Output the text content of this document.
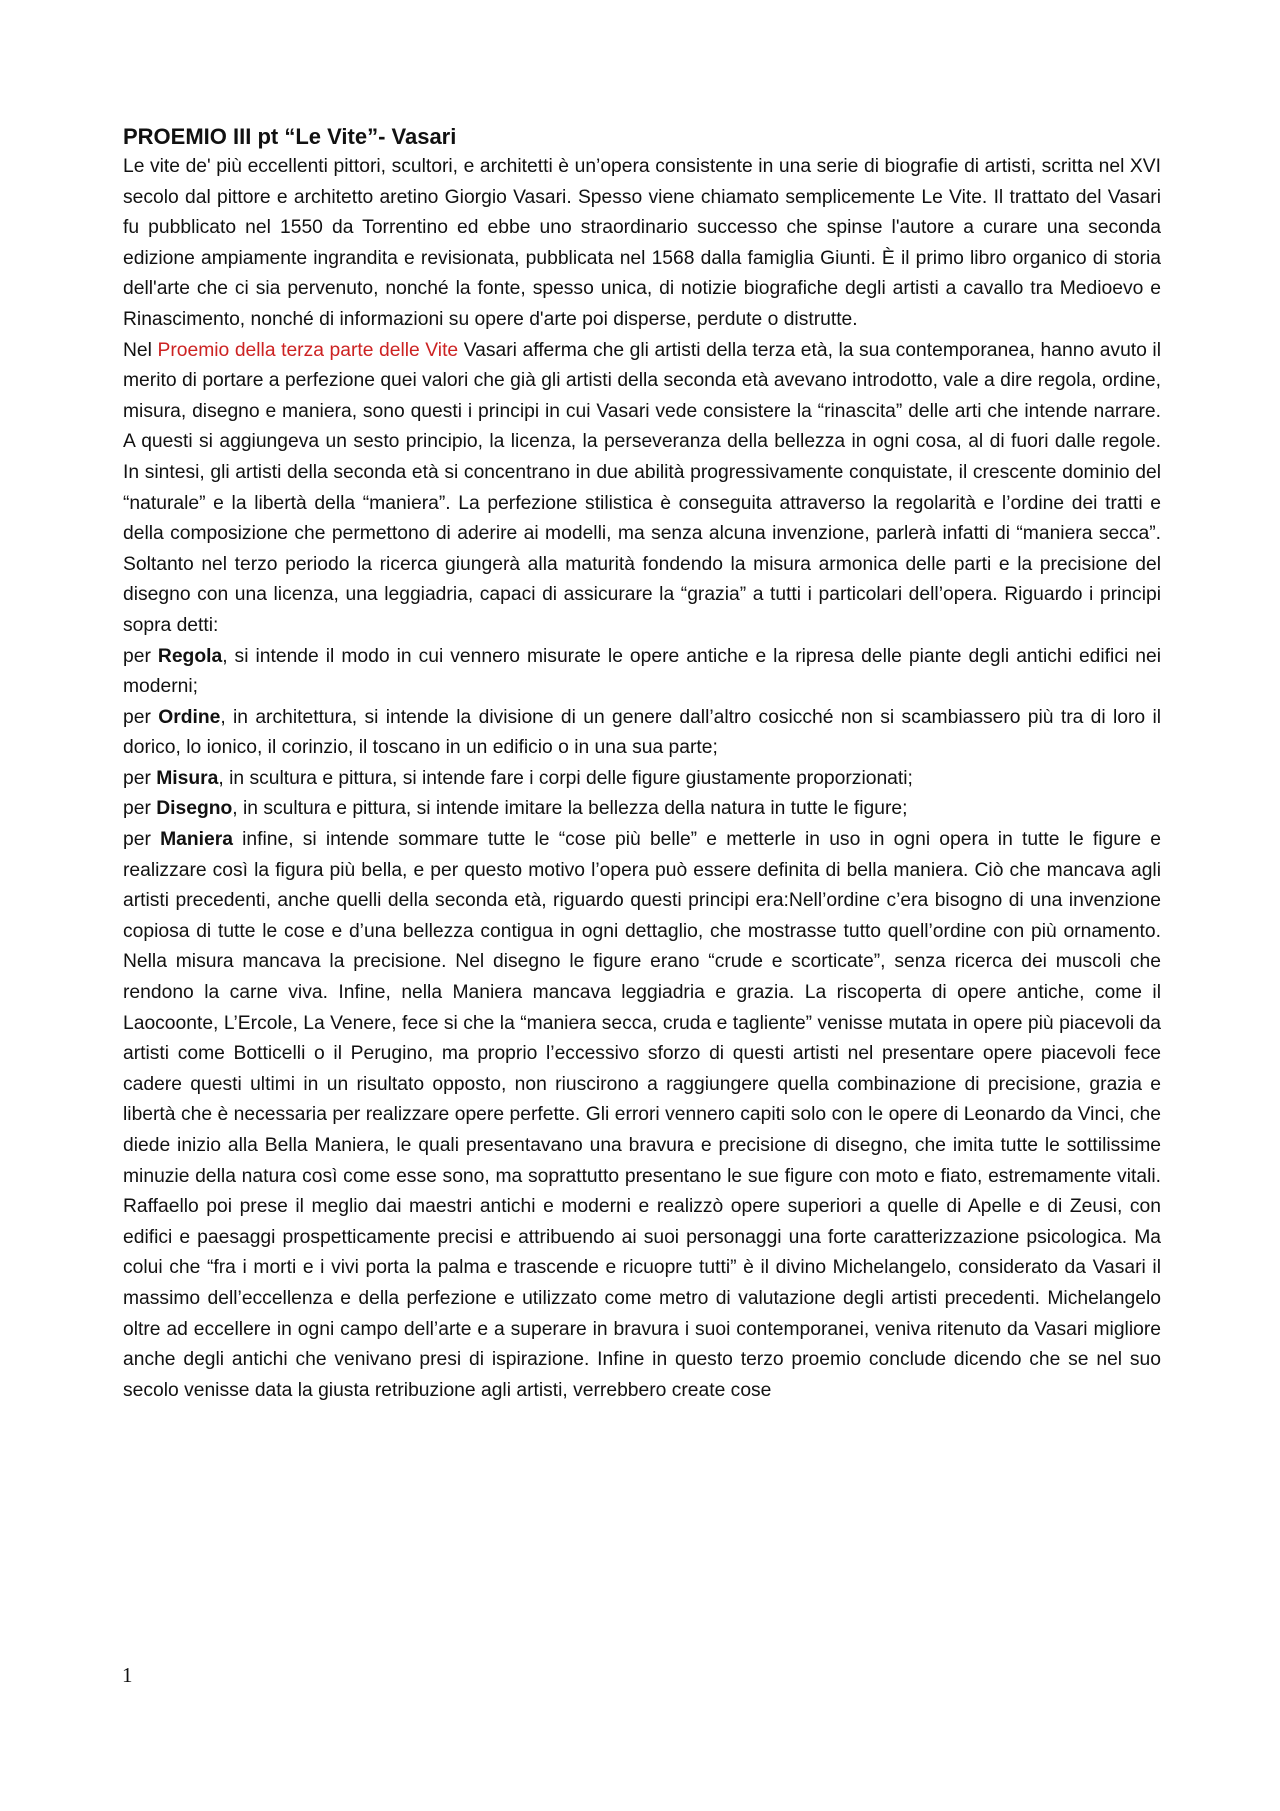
PROEMIO III pt “Le Vite”- Vasari

Le vite de' più eccellenti pittori, scultori, e architetti è un’opera consistente in una serie di biografie di artisti, scritta nel XVI secolo dal pittore e architetto aretino Giorgio Vasari. Spesso viene chiamato semplicemente Le Vite. Il trattato del Vasari fu pubblicato nel 1550 da Torrentino ed ebbe uno straordinario successo che spinse l'autore a curare una seconda edizione ampiamente ingrandita e revisionata, pubblicata nel 1568 dalla famiglia Giunti. È il primo libro organico di storia dell'arte che ci sia pervenuto, nonché la fonte, spesso unica, di notizie biografiche degli artisti a cavallo tra Medioevo e Rinascimento, nonché di informazioni su opere d'arte poi disperse, perdute o distrutte.

Nel Proemio della terza parte delle Vite Vasari afferma che gli artisti della terza età, la sua contemporanea, hanno avuto il merito di portare a perfezione quei valori che già gli artisti della seconda età avevano introdotto, vale a dire regola, ordine, misura, disegno e maniera, sono questi i principi in cui Vasari vede consistere la “rinascita” delle arti che intende narrare. A questi si aggiungeva un sesto principio, la licenza, la perseveranza della bellezza in ogni cosa, al di fuori dalle regole. In sintesi, gli artisti della seconda età si concentrano in due abilità progressivamente conquistate, il crescente dominio del “naturale” e la libertà della “maniera”. La perfezione stilistica è conseguita attraverso la regolarità e l’ordine dei tratti e della composizione che permettono di aderire ai modelli, ma senza alcuna invenzione, parlerà infatti di “maniera secca”. Soltanto nel terzo periodo la ricerca giungerà alla maturità fondendo la misura armonica delle parti e la precisione del disegno con una licenza, una leggiadria, capaci di assicurare la “grazia” a tutti i particolari dell’opera. Riguardo i principi sopra detti:

per Regola, si intende il modo in cui vennero misurate le opere antiche e la ripresa delle piante degli antichi edifici nei moderni;

per Ordine, in architettura, si intende la divisione di un genere dall’altro cosicché non si scambiassero più tra di loro il dorico, lo ionico, il corinzio, il toscano in un edificio o in una sua parte;

per Misura, in scultura e pittura, si intende fare i corpi delle figure giustamente proporzionati;

per Disegno, in scultura e pittura, si intende imitare la bellezza della natura in tutte le figure;

per Maniera infine, si intende sommare tutte le “cose più belle” e metterle in uso in ogni opera in tutte le figure e realizzare così la figura più bella, e per questo motivo l’opera può essere definita di bella maniera. Ciò che mancava agli artisti precedenti, anche quelli della seconda età, riguardo questi principi era:Nell’ordine c’era bisogno di una invenzione copiosa di tutte le cose e d’una bellezza contigua in ogni dettaglio, che mostrasse tutto quell’ordine con più ornamento. Nella misura mancava la precisione. Nel disegno le figure erano “crude e scorticate”, senza ricerca dei muscoli che rendono la carne viva. Infine, nella Maniera mancava leggiadria e grazia. La riscoperta di opere antiche, come il Laocoonte, L’Ercole, La Venere, fece si che la “maniera secca, cruda e tagliente” venisse mutata in opere più piacevoli da artisti come Botticelli o il Perugino, ma proprio l’eccessivo sforzo di questi artisti nel presentare opere piacevoli fece cadere questi ultimi in un risultato opposto, non riuscirono a raggiungere quella combinazione di precisione, grazia e libertà che è necessaria per realizzare opere perfette. Gli errori vennero capiti solo con le opere di Leonardo da Vinci, che diede inizio alla Bella Maniera, le quali presentavano una bravura e precisione di disegno, che imita tutte le sottilissime minuzie della natura così come esse sono, ma soprattutto presentano le sue figure con moto e fiato, estremamente vitali. Raffaello poi prese il meglio dai maestri antichi e moderni e realizzò opere superiori a quelle di Apelle e di Zeusi, con edifici e paesaggi prospetticamente precisi e attribuendo ai suoi personaggi una forte caratterizzazione psicologica. Ma colui che “fra i morti e i vivi porta la palma e trascende e ricuopre tutti” è il divino Michelangelo, considerato da Vasari il massimo dell’eccellenza e della perfezione e utilizzato come metro di valutazione degli artisti precedenti. Michelangelo oltre ad eccellere in ogni campo dell’arte e a superare in bravura i suoi contemporanei, veniva ritenuto da Vasari migliore anche degli antichi che venivano presi di ispirazione. Infine in questo terzo proemio conclude dicendo che se nel suo secolo venisse data la giusta retribuzione agli artisti, verrebbero create cose

1
